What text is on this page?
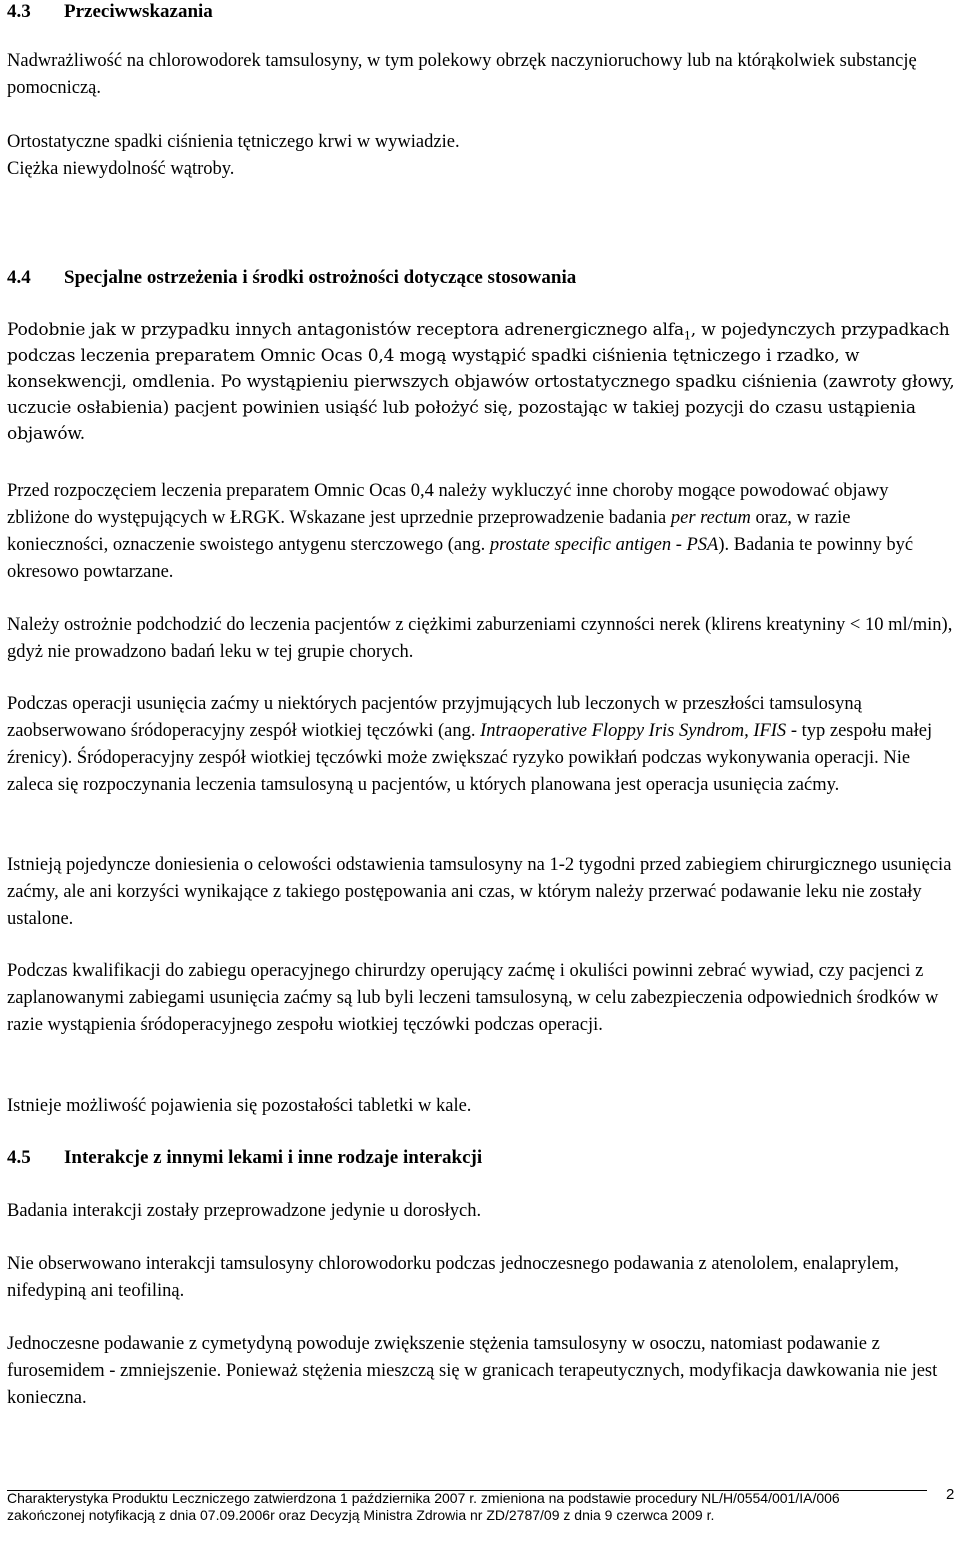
4.3 Przeciwwskazania

Nadwrażliwość na chlorowodorek tamsulosyny, w tym polekowy obrzęk naczynioruchowy lub na którąkolwiek substancję pomocniczą.

Ortostatyczne spadki ciśnienia tętniczego krwi w wywiadzie.

Ciężka niewydolność wątroby.

4.4 Specjalne ostrzeżenia i środki ostrożności dotyczące stosowania

Podobnie jak w przypadku innych antagonistów receptora adrenergicznego alfa$_1$, w pojedynczych przypadkach podczas leczenia preparatem Omnic Ocas 0,4 mogą wystąpić spadki ciśnienia tętniczego i rzadko, w konsekwencji, omdlenia. Po wystąpieniu pierwszych objawów ortostatycznego spadku ciśnienia (zawroty głowy, uczucie osłabienia) pacjent powinien usiąść lub położyć się, pozostając w takiej pozycji do czasu ustąpienia objawów.

Przed rozpoczęciem leczenia preparatem Omnic Ocas 0,4 należy wykluczyć inne choroby mogące powodować objawy zbliżone do występujących w ŁRGK. Wskazane jest uprzednie przeprowadzenie badania per rectum oraz, w razie konieczności, oznaczenie swoistego antygenu sterczowego (ang. prostate specific antigen - PSA). Badania te powinny być okresowo powtarzane.

Należy ostrożnie podchodzić do leczenia pacjentów z ciężkimi zaburzeniami czynności nerek (klirens kreatyniny < 10 ml/min), gdyż nie prowadzono badań leku w tej grupie chorych.

Podczas operacji usunięcia zaćmy u niektórych pacjentów przyjmujących lub leczonych w przeszłości tamsulosyną zaobserwowano śródoperacyjny zespół wiotkiej tęczówki (ang. Intraoperative Floppy Iris Syndrom, IFIS - typ zespołu małej źrenicy). Śródoperacyjny zespół wiotkiej tęczówki może zwiększać ryzyko powikłań podczas wykonywania operacji. Nie zaleca się rozpoczynania leczenia tamsulosyną u pacjentów, u których planowana jest operacja usunięcia zaćmy.

Istnieją pojedyncze doniesienia o celowości odstawienia tamsulosyny na 1-2 tygodni przed zabiegiem chirurgicznego usunięcia zaćmy, ale ani korzyści wynikające z takiego postępowania ani czas, w którym należy przerwać podawanie leku nie zostały ustalone.

Podczas kwalifikacji do zabiegu operacyjnego chirurdzy operujący zaćmę i okuliści powinni zebrać wywiad, czy pacjenci z zaplanowanymi zabiegami usunięcia zaćmy są lub byli leczeni tamsulosyną, w celu zabezpieczenia odpowiednich środków w razie wystąpienia śródoperacyjnego zespołu wiotkiej tęczówki podczas operacji.

Istnieje możliwość pojawienia się pozostałości tabletki w kale.

4.5 Interakcje z innymi lekami i inne rodzaje interakcji

Badania interakcji zostały przeprowadzone jedynie u dorosłych.

Nie obserwowano interakcji tamsulosyny chlorowodorku podczas jednoczesnego podawania z atenololem, enalaprylem, nifedypiną ani teofiliną.

Jednoczesne podawanie z cymetydyną powoduje zwiększenie stężenia tamsulosyny w osoczu, natomiast podawanie z furosemidem - zmniejszenie. Ponieważ stężenia mieszczą się w granicach terapeutycznych, modyfikacja dawkowania nie jest konieczna.

Charakterystyka Produktu Leczniczego zatwierdzona 1 października 2007 r. zmieniona na podstawie procedury NL/H/0554/001/IA/006 zakończonej notyfikacją z dnia 07.09.2006r oraz Decyzją Ministra Zdrowia nr ZD/2787/09 z dnia 9 czerwca 2009 r.
2
